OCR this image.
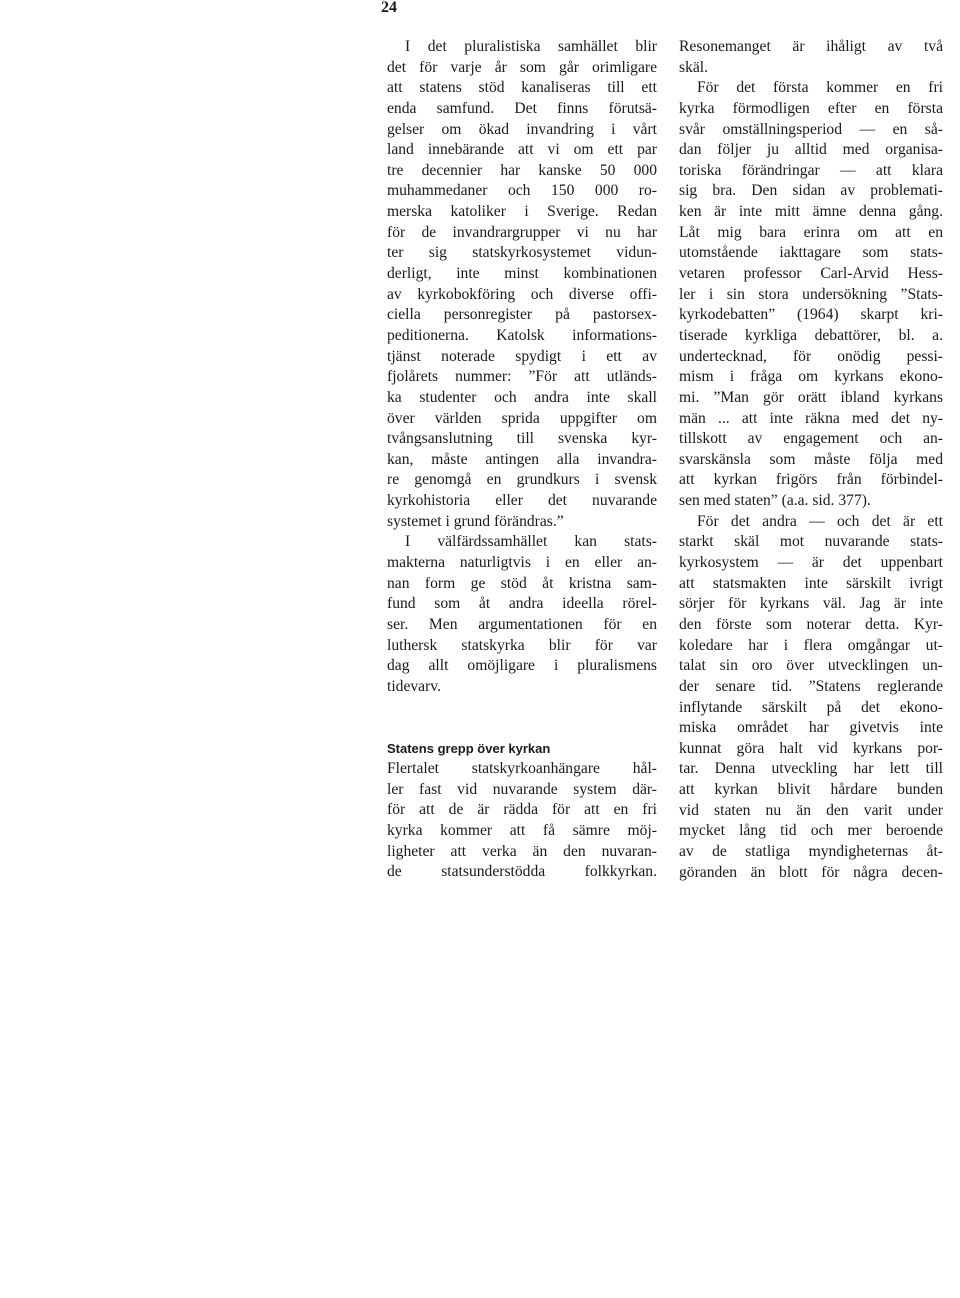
24
I det pluralistiska samhället blir
det för varje år som går orimligare
att statens stöd kanaliseras till ett
enda samfund. Det finns förutsä-
gelser om ökad invandring i vårt
land innebärande att vi om ett par
tre decennier har kanske 50 000
muhammedaner och 150 000 ro-
merska katoliker i Sverige. Redan
för de invandrargrupper vi nu har
ter sig statskyrkosystemet vidun-
derligt, inte minst kombinationen
av kyrkobokföring och diverse offi-
ciella personregister på pastorsex-
peditionerna. Katolsk informations-
tjänst noterade spydigt i ett av
fjolårets nummer: ”För att utländs-
ka studenter och andra inte skall
över världen sprida uppgifter om
tvångsanslutning till svenska kyr-
kan, måste antingen alla invandra-
re genomgå en grundkurs i svensk
kyrkohistoria eller det nuvarande
systemet i grund förändras.”
I välfärdssamhället kan stats-
makterna naturligtvis i en eller an-
nan form ge stöd åt kristna sam-
fund som åt andra ideella rörel-
ser. Men argumentationen för en
luthersk statskyrka blir för var
dag allt omöjligare i pluralismens
tidevarv.
Statens grepp över kyrkan
Flertalet statskyrkoanhängare hål-
ler fast vid nuvarande system där-
för att de är rädda för att en fri
kyrka kommer att få sämre möj-
ligheter att verka än den nuvaran-
de statsunderstödda folkkyrkan.
Resonemanget är ihåligt av två
skäl.
För det första kommer en fri
kyrka förmodligen efter en första
svår omställningsperiod — en så-
dan följer ju alltid med organisa-
toriska förändringar — att klara
sig bra. Den sidan av problemati-
ken är inte mitt ämne denna gång.
Låt mig bara erinra om att en
utomstående iakttagare som stats-
vetaren professor Carl-Arvid Hess-
ler i sin stora undersökning ”Stats-
kyrkodebatten” (1964) skarpt kri-
tiserade kyrkliga debattörer, bl. a.
undertecknad, för onödig pessi-
mism i fråga om kyrkans ekono-
mi. ”Man gör orätt ibland kyrkans
män ... att inte räkna med det ny-
tillskott av engagement och an-
svarskänsla som måste följa med
att kyrkan frigörs från förbindel-
sen med staten” (a.a. sid. 377).
För det andra — och det är ett
starkt skäl mot nuvarande stats-
kyrkosystem — är det uppenbart
att statsmakten inte särskilt ivrigt
sörjer för kyrkans väl. Jag är inte
den förste som noterar detta. Kyr-
koledare har i flera omgångar ut-
talat sin oro över utvecklingen un-
der senare tid. ”Statens reglerande
inflytande särskilt på det ekono-
miska området har givetvis inte
kunnat göra halt vid kyrkans por-
tar. Denna utveckling har lett till
att kyrkan blivit hårdare bunden
vid staten nu än den varit under
mycket lång tid och mer beroende
av de statliga myndigheternas åt-
göranden än blott för några decen-
